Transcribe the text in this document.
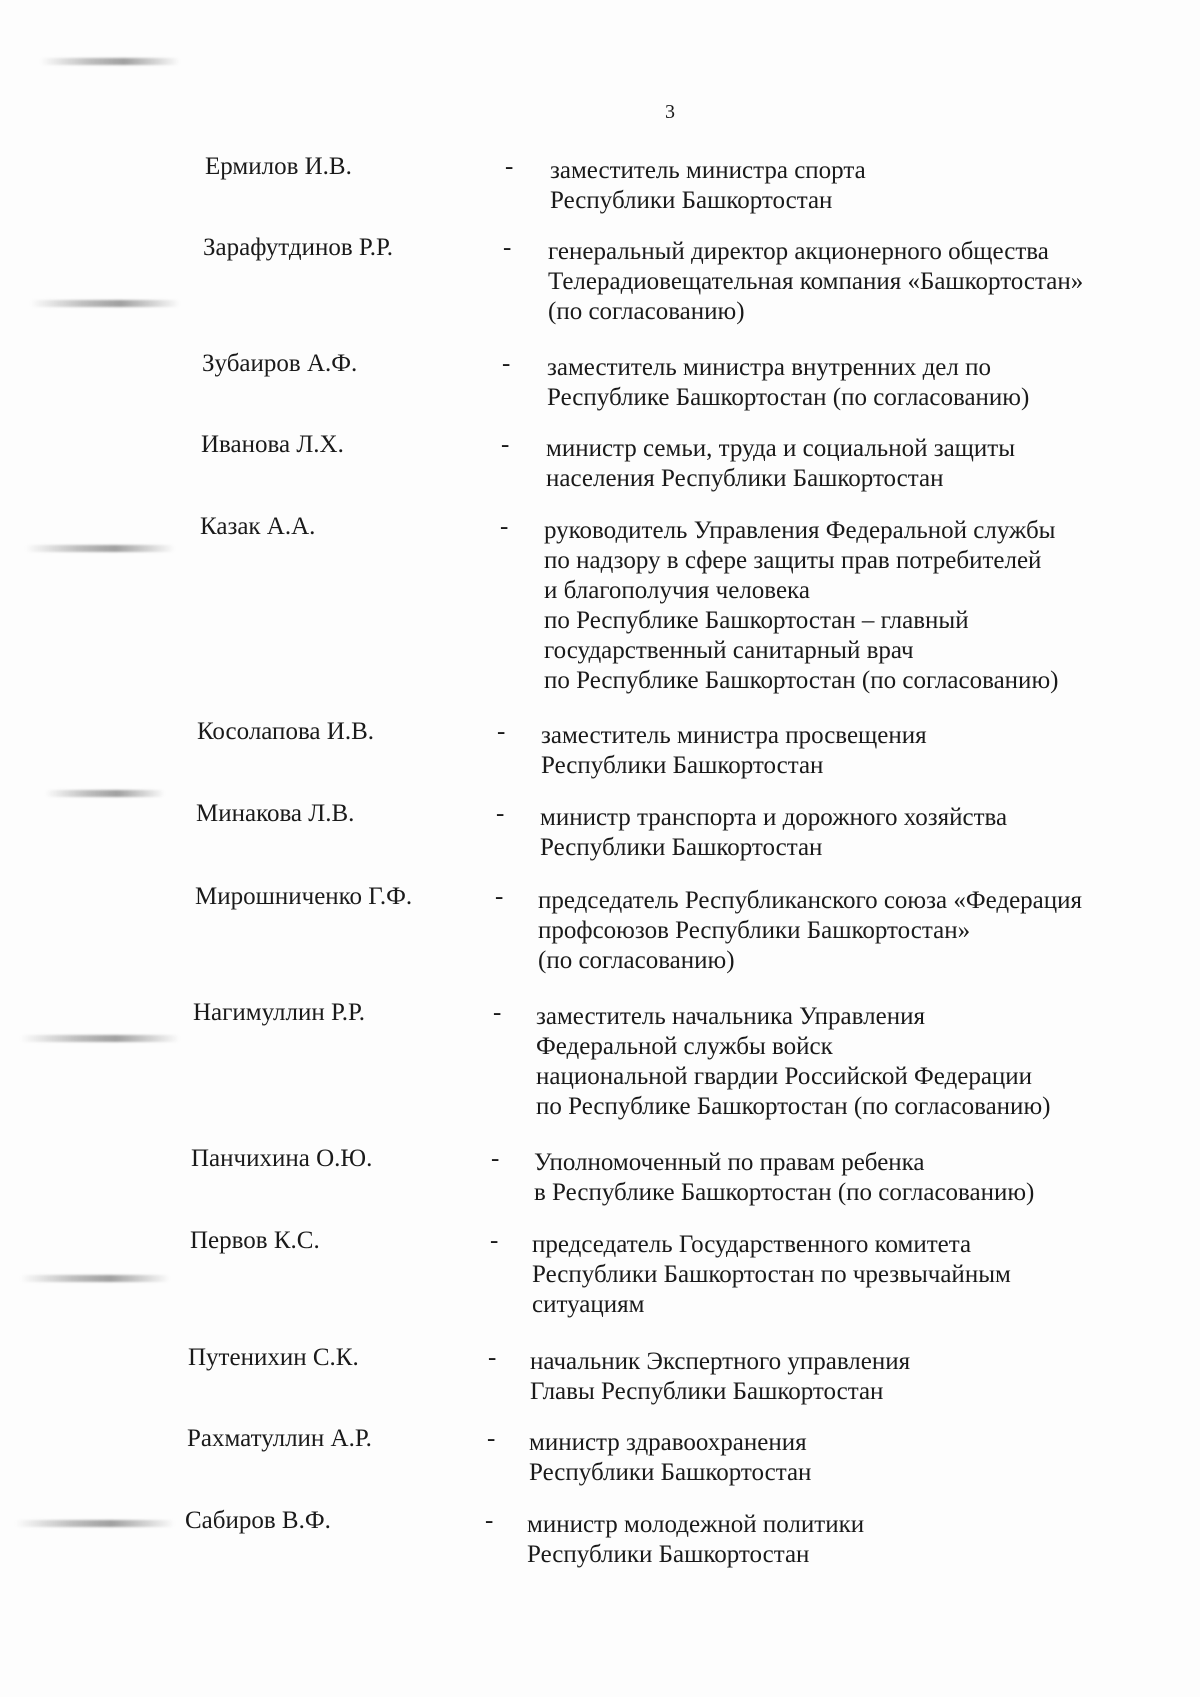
3
Ермилов И.В.	- заместитель министра спорта
Республики Башкортостан
Зарафутдинов Р.Р.	- генеральный директор акционерного общества
Телерадиовещательная компания «Башкортостан»
(по согласованию)
Зубаиров А.Ф.	- заместитель министра внутренних дел по
Республике Башкортостан (по согласованию)
Иванова Л.Х.	- министр семьи, труда и социальной защиты
населения Республики Башкортостан
Казак А.А.	- руководитель Управления Федеральной службы
по надзору в сфере защиты прав потребителей
и благополучия человека
по Республике Башкортостан – главный
государственный санитарный врач
по Республике Башкортостан (по согласованию)
Косолапова И.В.	- заместитель министра просвещения
Республики Башкортостан
Минакова Л.В.	- министр транспорта и дорожного хозяйства
Республики Башкортостан
Мирошниченко Г.Ф.	- председатель Республиканского союза «Федерация
профсоюзов Республики Башкортостан»
(по согласованию)
Нагимуллин Р.Р.	- заместитель начальника Управления
Федеральной службы войск
национальной гвардии Российской Федерации
по Республике Башкортостан (по согласованию)
Панчихина О.Ю.	- Уполномоченный по правам ребенка
в Республике Башкортостан (по согласованию)
Первов К.С.	- председатель Государственного комитета
Республики Башкортостан по чрезвычайным
ситуациям
Путенихин С.К.	- начальник Экспертного управления
Главы Республики Башкортостан
Рахматуллин А.Р.	- министр здравоохранения
Республики Башкортостан
Сабиров В.Ф.	- министр молодежной политики
Республики Башкортостан
